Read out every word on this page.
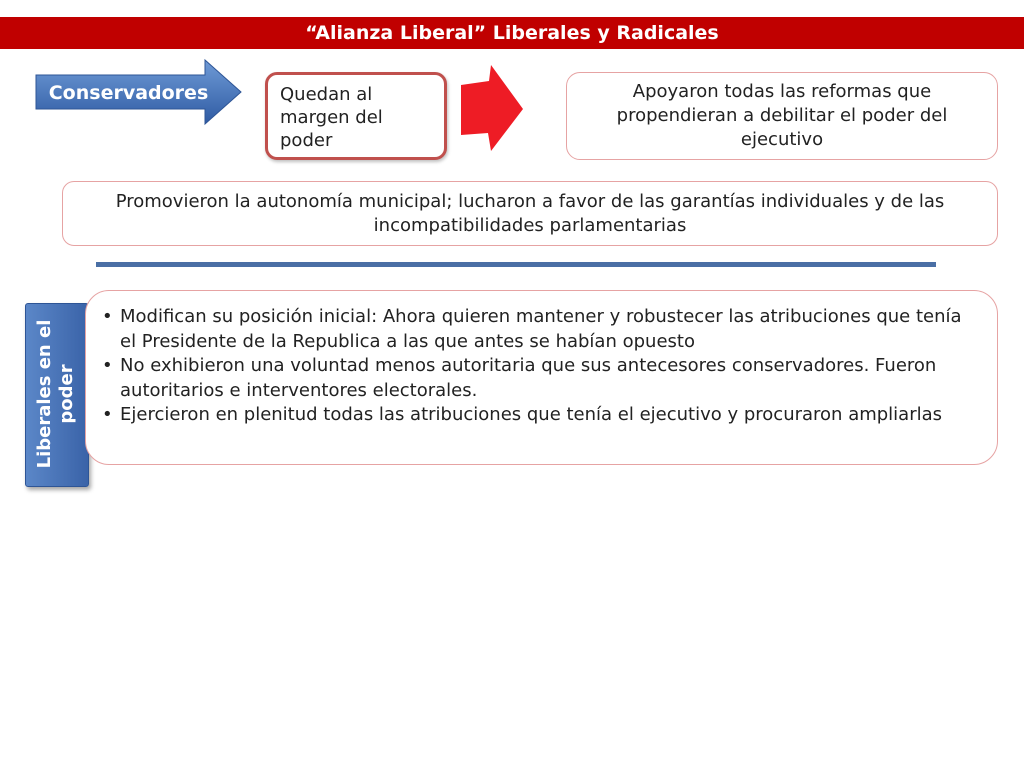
“Alianza Liberal” Liberales y Radicales
Conservadores	Quedan al margen del poder
Apoyaron todas las reformas que propendieran a debilitar el poder del ejecutivo
Promovieron la autonomía municipal; lucharon a favor de las garantías individuales y de las incompatibilidades parlamentarias
Liberales en el poder
• Modifican su posición inicial: Ahora quieren mantener y robustecer las atribuciones que tenía el Presidente de la Republica a las que antes se habían opuesto
• No exhibieron una voluntad menos autoritaria que sus antecesores conservadores. Fueron autoritarios e interventores electorales.
• Ejercieron en plenitud todas las atribuciones que tenía el ejecutivo y procuraron ampliarlas
